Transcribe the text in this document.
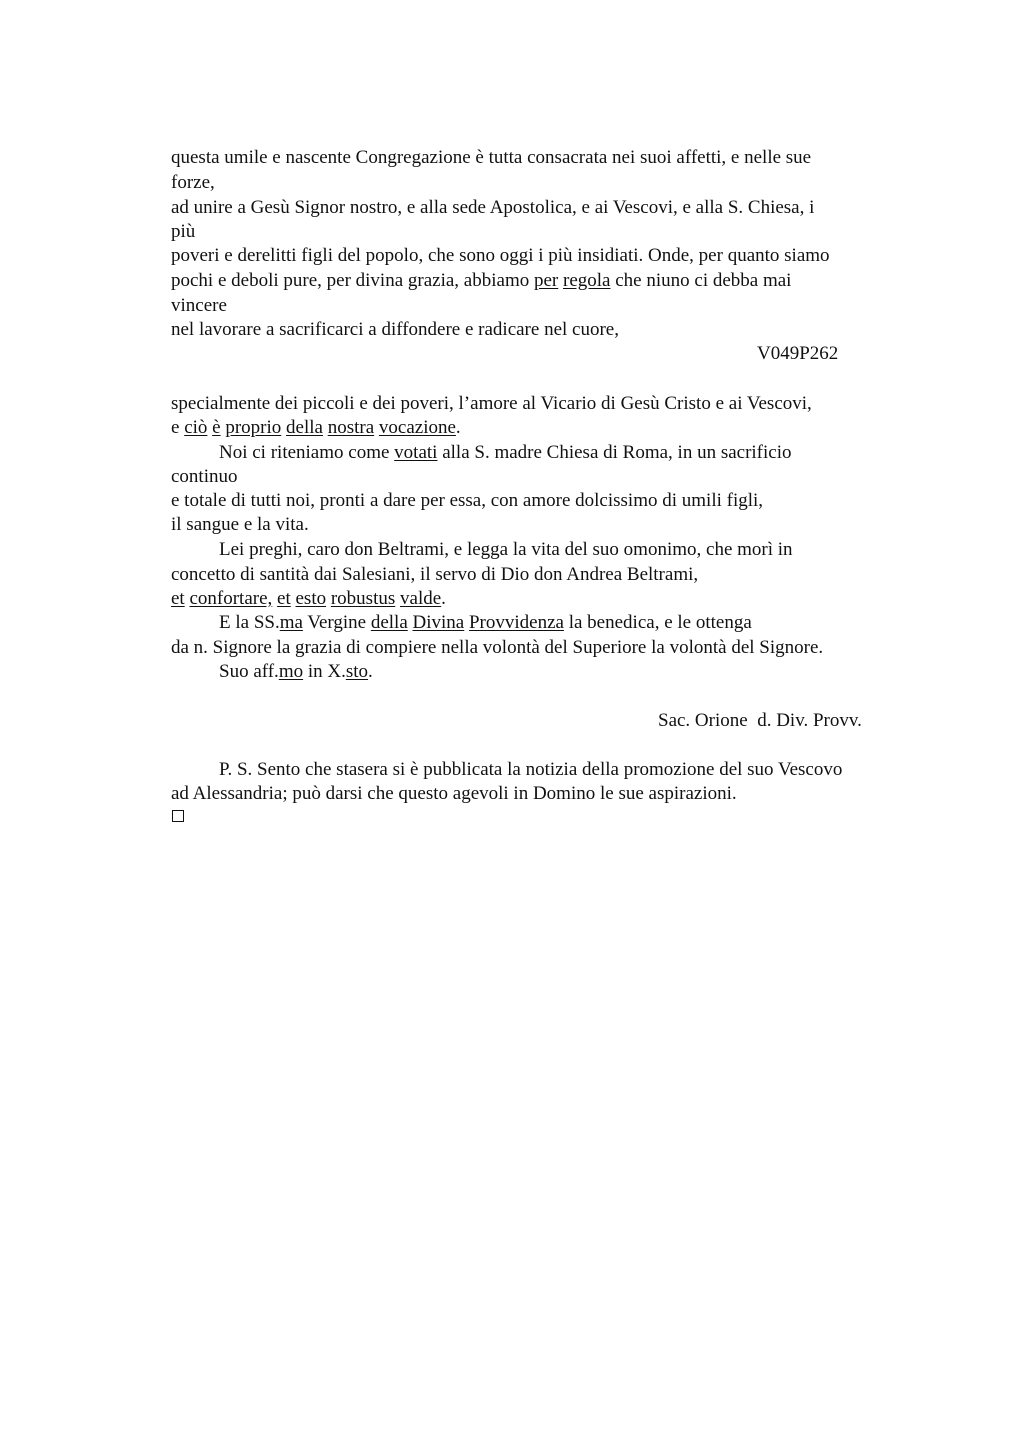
questa umile e nascente Congregazione è tutta consacrata nei suoi affetti, e nelle sue
forze,
ad unire a Gesù Signor nostro, e alla sede Apostolica, e ai Vescovi, e alla S. Chiesa, i
più
poveri e derelitti figli del popolo, che sono oggi i più insidiati. Onde, per quanto siamo
pochi e deboli pure, per divina grazia, abbiamo per regola che niuno ci debba mai
vincere
nel lavorare a sacrificarci a diffondere e radicare nel cuore,
V049P262
specialmente dei piccoli e dei poveri, l’amore al Vicario di Gesù Cristo e ai Vescovi,
e ciò è proprio della nostra vocazione.
Noi ci riteniamo come votati alla S. madre Chiesa di Roma, in un sacrificio
continuo
e totale di tutti noi, pronti a dare per essa, con amore dolcissimo di umili figli,
il sangue e la vita.
Lei preghi, caro don Beltrami, e legga la vita del suo omonimo, che morì in
concetto di santità dai Salesiani, il servo di Dio don Andrea Beltrami,
et confortare, et esto robustus valde.
E la SS.ma Vergine della Divina Provvidenza la benedica, e le ottenga
da n. Signore la grazia di compiere nella volontà del Superiore la volontà del Signore.
Suo aff.mo in X.sto.
Sac. Orione  d. Div. Provv.
P. S. Sento che stasera si è pubblicata la notizia della promozione del suo Vescovo
ad Alessandria; può darsi che questo agevoli in Domino le sue aspirazioni.
